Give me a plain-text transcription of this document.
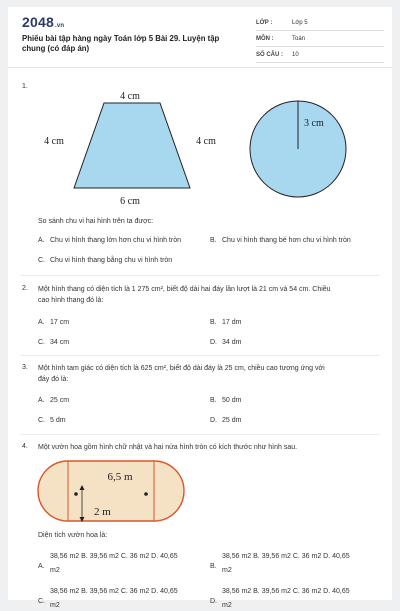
2048.vn
Phiếu bài tập hàng ngày Toán lớp 5 Bài 29. Luyện tập chung (có đáp án)
LỚP :	Lớp 5
MÔN :	Toán
SỐ CÂU : 10
1.
4 cm
4 cm	4 cm
6 cm
3 cm
So sánh chu vi hai hình trên ta được:
A. Chu vi hình thang lớn hơn chu vi hình tròn	B. Chu vi hình thang bé hơn chu vi hình tròn
C. Chu vi hình thang bằng chu vi hình tròn
2. Một hình thang có diện tích là 1 275 cm², biết độ dài hai đáy lần lượt là 21 cm và 54 cm. Chiều
cao hình thang đó là:
A. 17 cm	B. 17 dm
C. 34 cm	D. 34 dm
3. Một hình tam giác có diện tích là 625 cm², biết độ dài đáy là 25 cm, chiều cao tương ứng với
đáy đó là:
A. 25 cm	B. 50 dm
C. 5 dm	D. 25 dm
4. Một vườn hoa gồm hình chữ nhật và hai nửa hình tròn có kích thước như hình sau.
6,5 m
2 m
Diện tích vườn hoa là:
A.
38,56 m2 B. 39,56 m2 C. 36 m2 D. 40,65
m2
B.
38,56 m2 B. 39,56 m2 C. 36 m2 D. 40,65
m2
C.
38,56 m2 B. 39,56 m2 C. 36 m2 D. 40,65
m2
D.
38,56 m2 B. 39,56 m2 C. 36 m2 D. 40,65
m2
